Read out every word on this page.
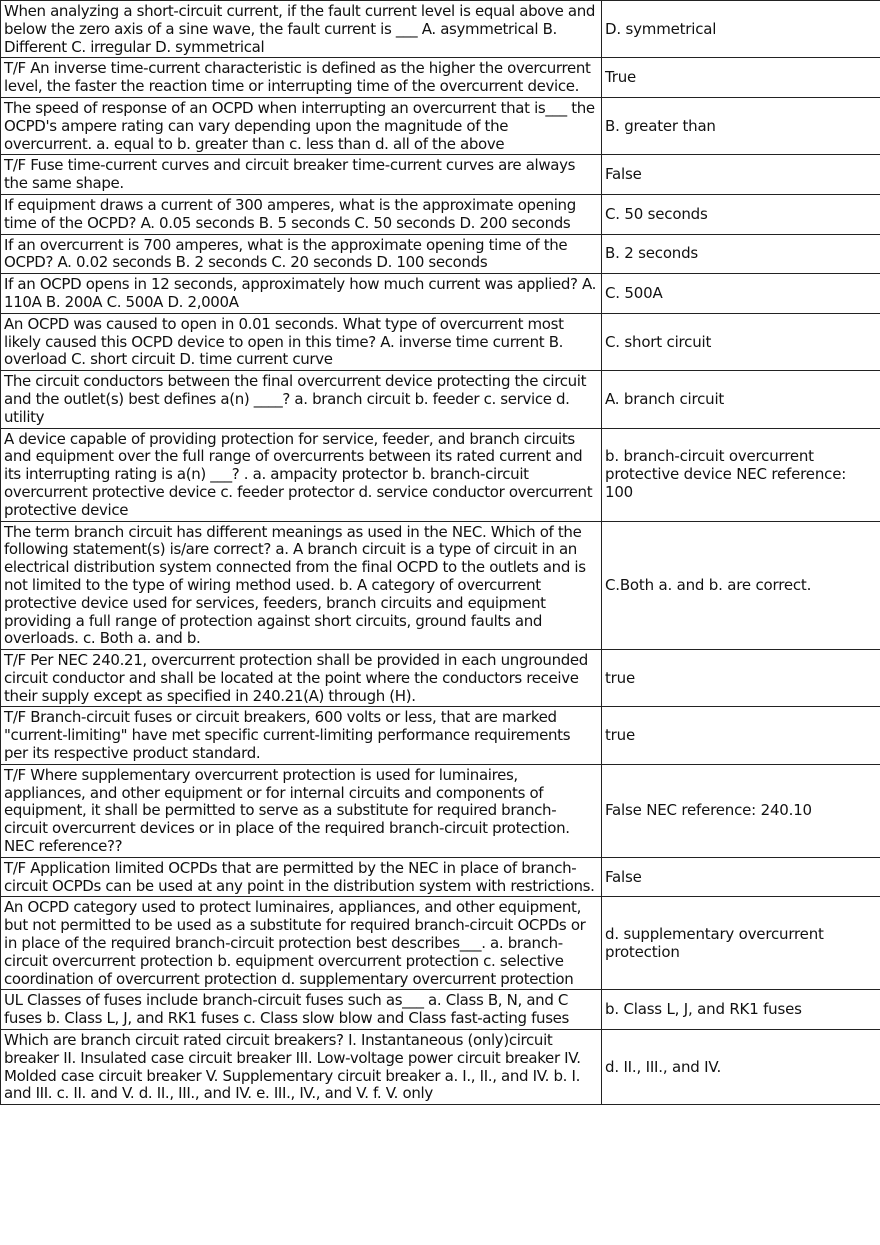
When analyzing a short-circuit current, if the fault current level is equal above and below the zero axis of a sine wave, the fault current is ___ A. asymmetrical B. Different C. irregular D. symmetrical	D. symmetrical
T/F An inverse time-current characteristic is defined as the higher the overcurrent level, the faster the reaction time or interrupting time of the overcurrent device.	True
The speed of response of an OCPD when interrupting an overcurrent that is___ the OCPD's ampere rating can vary depending upon the magnitude of the overcurrent. a. equal to b. greater than c. less than d. all of the above	B. greater than
T/F Fuse time-current curves and circuit breaker time-current curves are always the same shape.	False
If equipment draws a current of 300 amperes, what is the approximate opening time of the OCPD? A. 0.05 seconds B. 5 seconds C. 50 seconds D. 200 seconds	C. 50 seconds
If an overcurrent is 700 amperes, what is the approximate opening time of the OCPD? A. 0.02 seconds B. 2 seconds C. 20 seconds D. 100 seconds	B. 2 seconds
If an OCPD opens in 12 seconds, approximately how much current was applied? A. 110A B. 200A C. 500A D. 2,000A	C. 500A
An OCPD was caused to open in 0.01 seconds. What type of overcurrent most likely caused this OCPD device to open in this time? A. inverse time current B. overload C. short circuit D. time current curve	C. short circuit
The circuit conductors between the final overcurrent device protecting the circuit and the outlet(s) best defines a(n) ____? a. branch circuit b. feeder c. service d. utility	A. branch circuit
A device capable of providing protection for service, feeder, and branch circuits and equipment over the full range of overcurrents between its rated current and its interrupting rating is a(n) ___? . a. ampacity protector b. branch-circuit overcurrent protective device c. feeder protector d. service conductor overcurrent protective device	b. branch-circuit overcurrent protective device NEC reference: 100
The term branch circuit has different meanings as used in the NEC. Which of the following statement(s) is/are correct? a. A branch circuit is a type of circuit in an electrical distribution system connected from the final OCPD to the outlets and is not limited to the type of wiring method used. b. A category of overcurrent protective device used for services, feeders, branch circuits and equipment providing a full range of protection against short circuits, ground faults and overloads. c. Both a. and b.	C.Both a. and b. are correct.
T/F Per NEC 240.21, overcurrent protection shall be provided in each ungrounded circuit conductor and shall be located at the point where the conductors receive their supply except as specified in 240.21(A) through (H).	true
T/F Branch-circuit fuses or circuit breakers, 600 volts or less, that are marked "current-limiting" have met specific current-limiting performance requirements per its respective product standard.	true
T/F Where supplementary overcurrent protection is used for luminaires, appliances, and other equipment or for internal circuits and components of equipment, it shall be permitted to serve as a substitute for required branch-circuit overcurrent devices or in place of the required branch-circuit protection. NEC reference??	False NEC reference: 240.10
T/F Application limited OCPDs that are permitted by the NEC in place of branch-circuit OCPDs can be used at any point in the distribution system with restrictions.	False
An OCPD category used to protect luminaires, appliances, and other equipment, but not permitted to be used as a substitute for required branch-circuit OCPDs or in place of the required branch-circuit protection best describes___. a. branch-circuit overcurrent protection b. equipment overcurrent protection c. selective coordination of overcurrent protection d. supplementary overcurrent protection	d. supplementary overcurrent protection
UL Classes of fuses include branch-circuit fuses such as___ a. Class B, N, and C fuses b. Class L, J, and RK1 fuses c. Class slow blow and Class fast-acting fuses	b. Class L, J, and RK1 fuses
Which are branch circuit rated circuit breakers? I. Instantaneous (only)circuit breaker II. Insulated case circuit breaker III. Low-voltage power circuit breaker IV. Molded case circuit breaker V. Supplementary circuit breaker a. I., II., and IV. b. I. and III. c. II. and V. d. II., III., and IV. e. III., IV., and V. f. V. only	d. II., III., and IV.
